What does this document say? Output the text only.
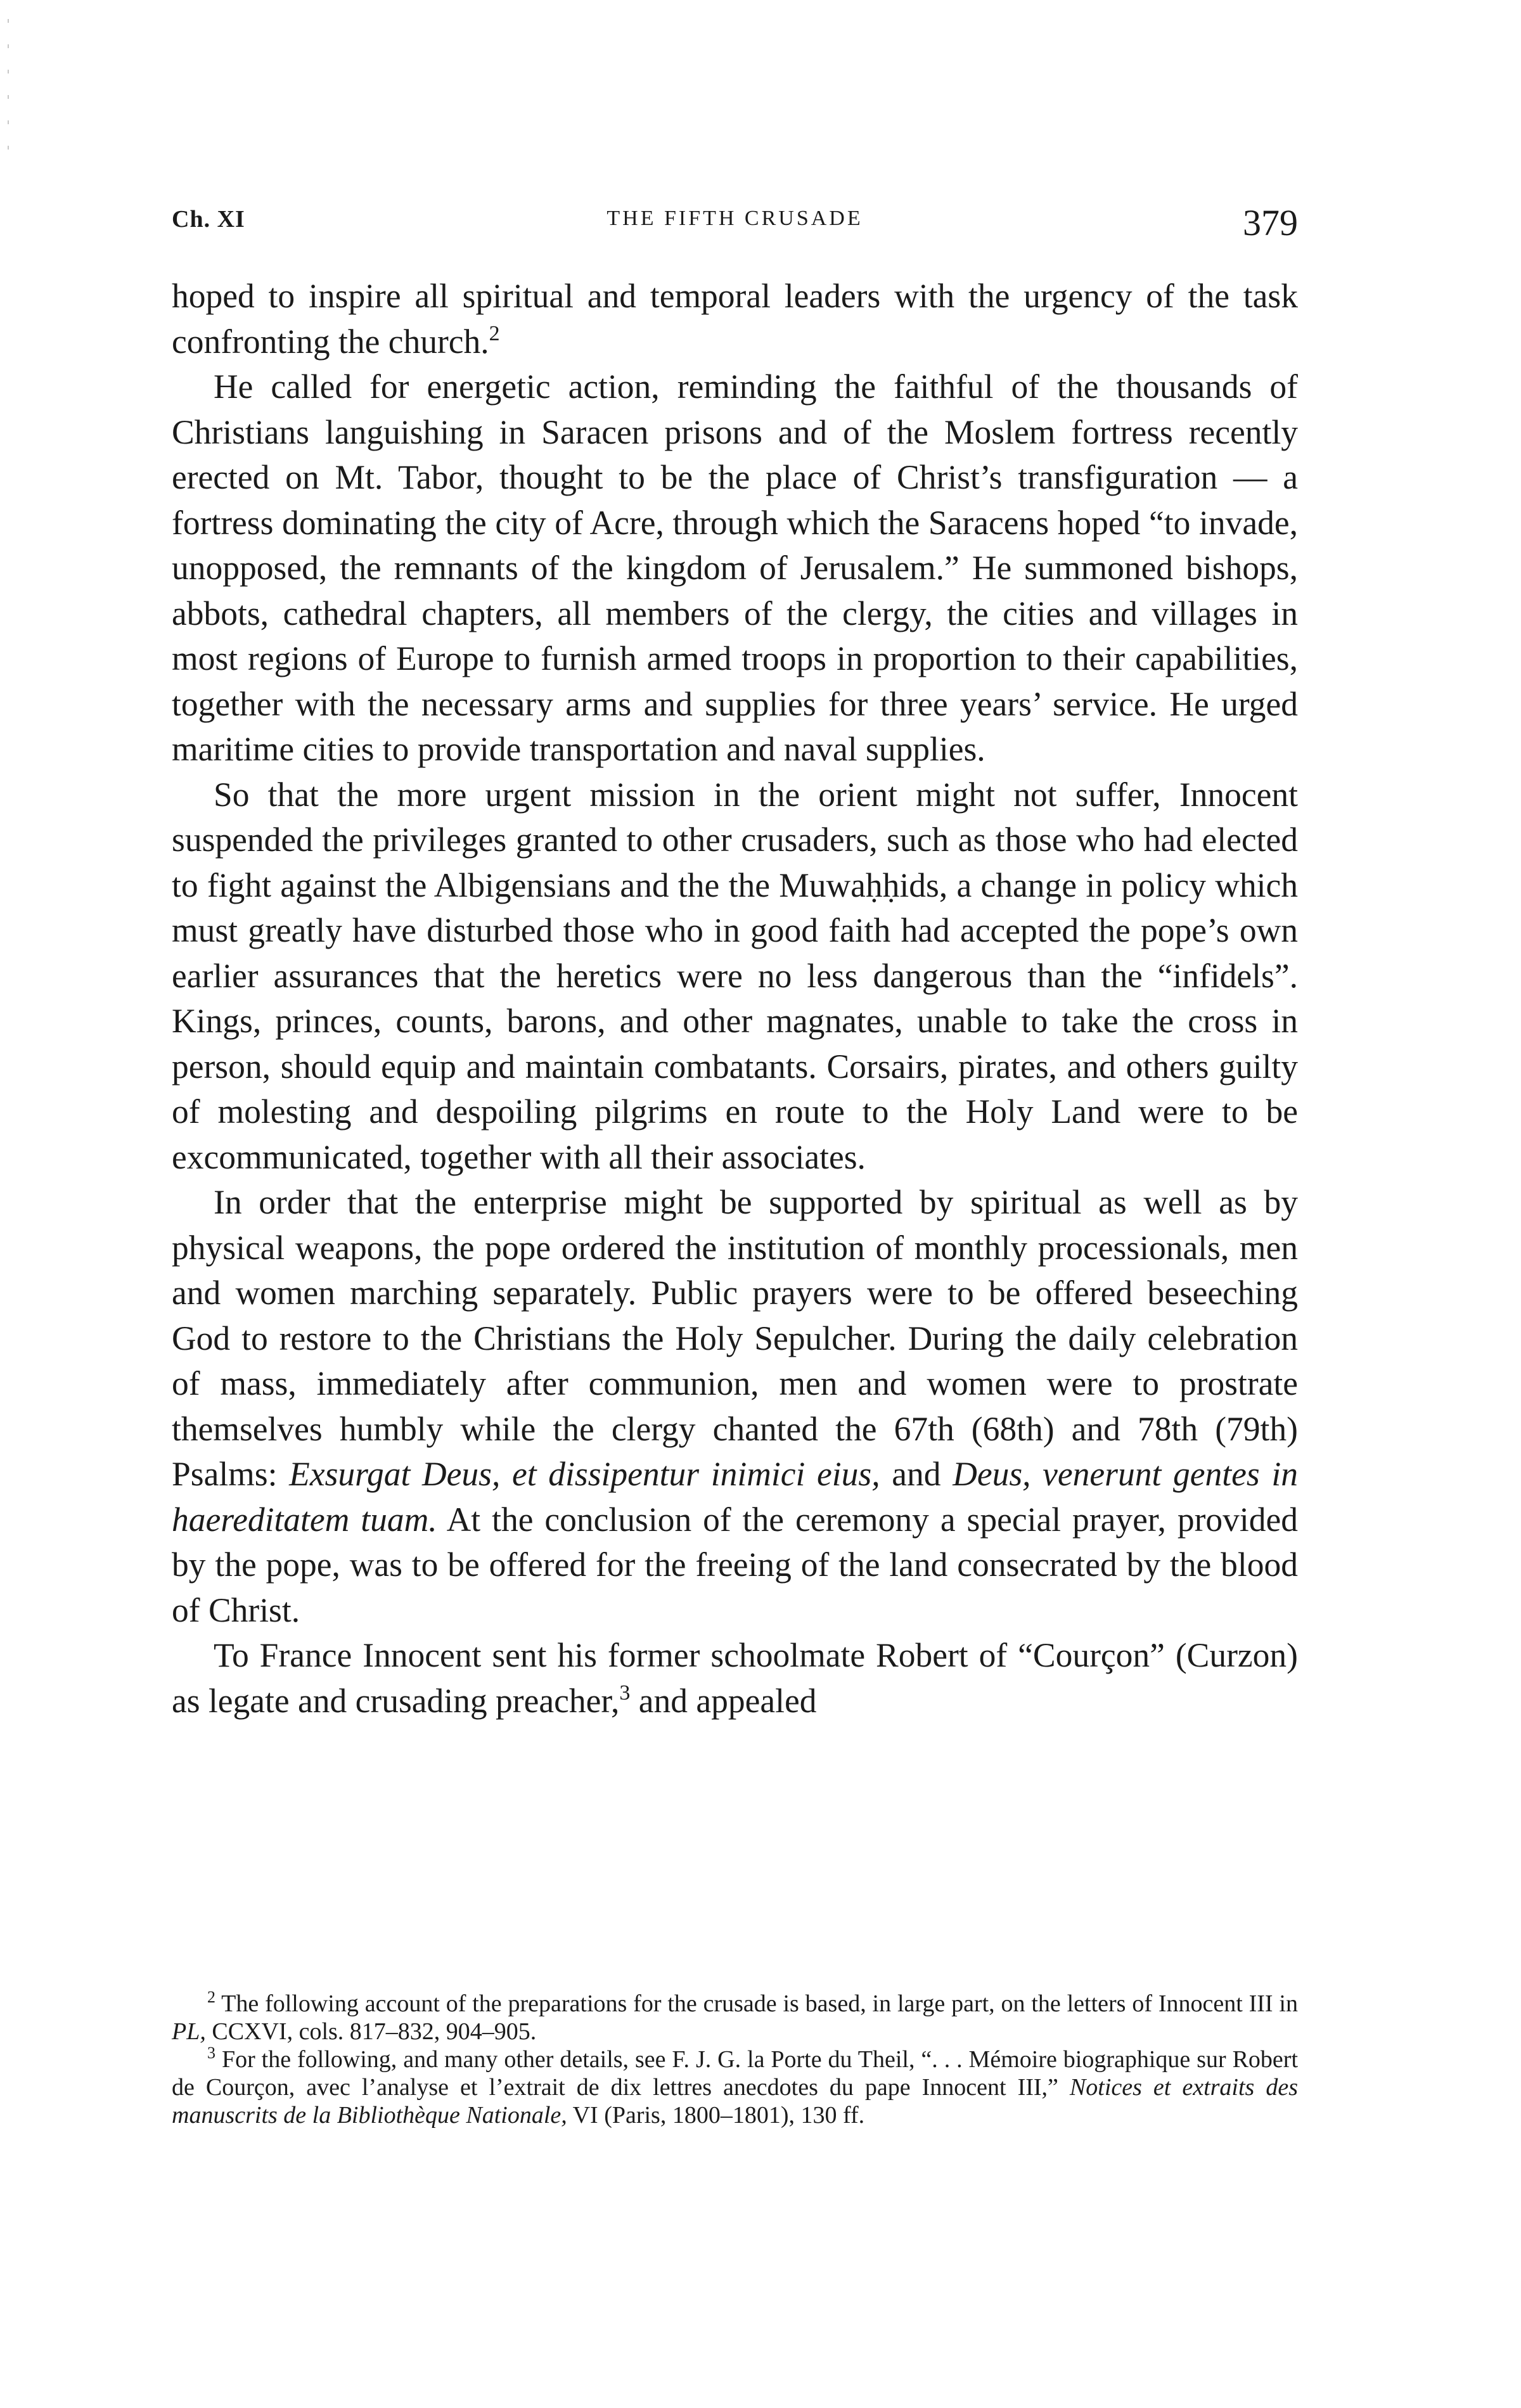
Ch. XI	THE FIFTH CRUSADE	379

hoped to inspire all spiritual and temporal leaders with the urgency of the task confronting the church.$^2$

He called for energetic action, reminding the faithful of the thousands of Christians languishing in Saracen prisons and of the Moslem fortress recently erected on Mt. Tabor, thought to be the place of Christ’s transfiguration — a fortress dominating the city of Acre, through which the Saracens hoped “to invade, unopposed, the remnants of the kingdom of Jerusalem.” He summoned bishops, abbots, cathedral chapters, all members of the clergy, the cities and villages in most regions of Europe to furnish armed troops in proportion to their capabilities, together with the necessary arms and supplies for three years’ service. He urged maritime cities to provide transportation and naval supplies.

So that the more urgent mission in the orient might not suffer, Innocent suspended the privileges granted to other crusaders, such as those who had elected to fight against the Albigensians and the the Muwaḥḥids, a change in policy which must greatly have disturbed those who in good faith had accepted the pope’s own earlier assurances that the heretics were no less dangerous than the “infidels”. Kings, princes, counts, barons, and other magnates, unable to take the cross in person, should equip and maintain combatants. Corsairs, pirates, and others guilty of molesting and despoiling pilgrims en route to the Holy Land were to be excommunicated, together with all their associates.

In order that the enterprise might be supported by spiritual as well as by physical weapons, the pope ordered the institution of monthly processionals, men and women marching separately. Public prayers were to be offered beseeching God to restore to the Christians the Holy Sepulcher. During the daily celebration of mass, immediately after communion, men and women were to prostrate themselves humbly while the clergy chanted the 67th (68th) and 78th (79th) Psalms: Exsurgat Deus, et dissipentur inimici eius, and Deus, venerunt gentes in haereditatem tuam. At the conclusion of the ceremony a special prayer, provided by the pope, was to be offered for the freeing of the land consecrated by the blood of Christ.

To France Innocent sent his former schoolmate Robert of “Courçon” (Curzon) as legate and crusading preacher,$^3$ and appealed

$^2$ The following account of the preparations for the crusade is based, in large part, on the letters of Innocent III in PL, CCXVI, cols. 817–832, 904–905.

$^3$ For the following, and many other details, see F. J. G. la Porte du Theil, “. . . Mémoire biographique sur Robert de Courçon, avec l’analyse et l’extrait de dix lettres anecdotes du pape Innocent III,” Notices et extraits des manuscrits de la Bibliothèque Nationale, VI (Paris, 1800–1801), 130 ff.
